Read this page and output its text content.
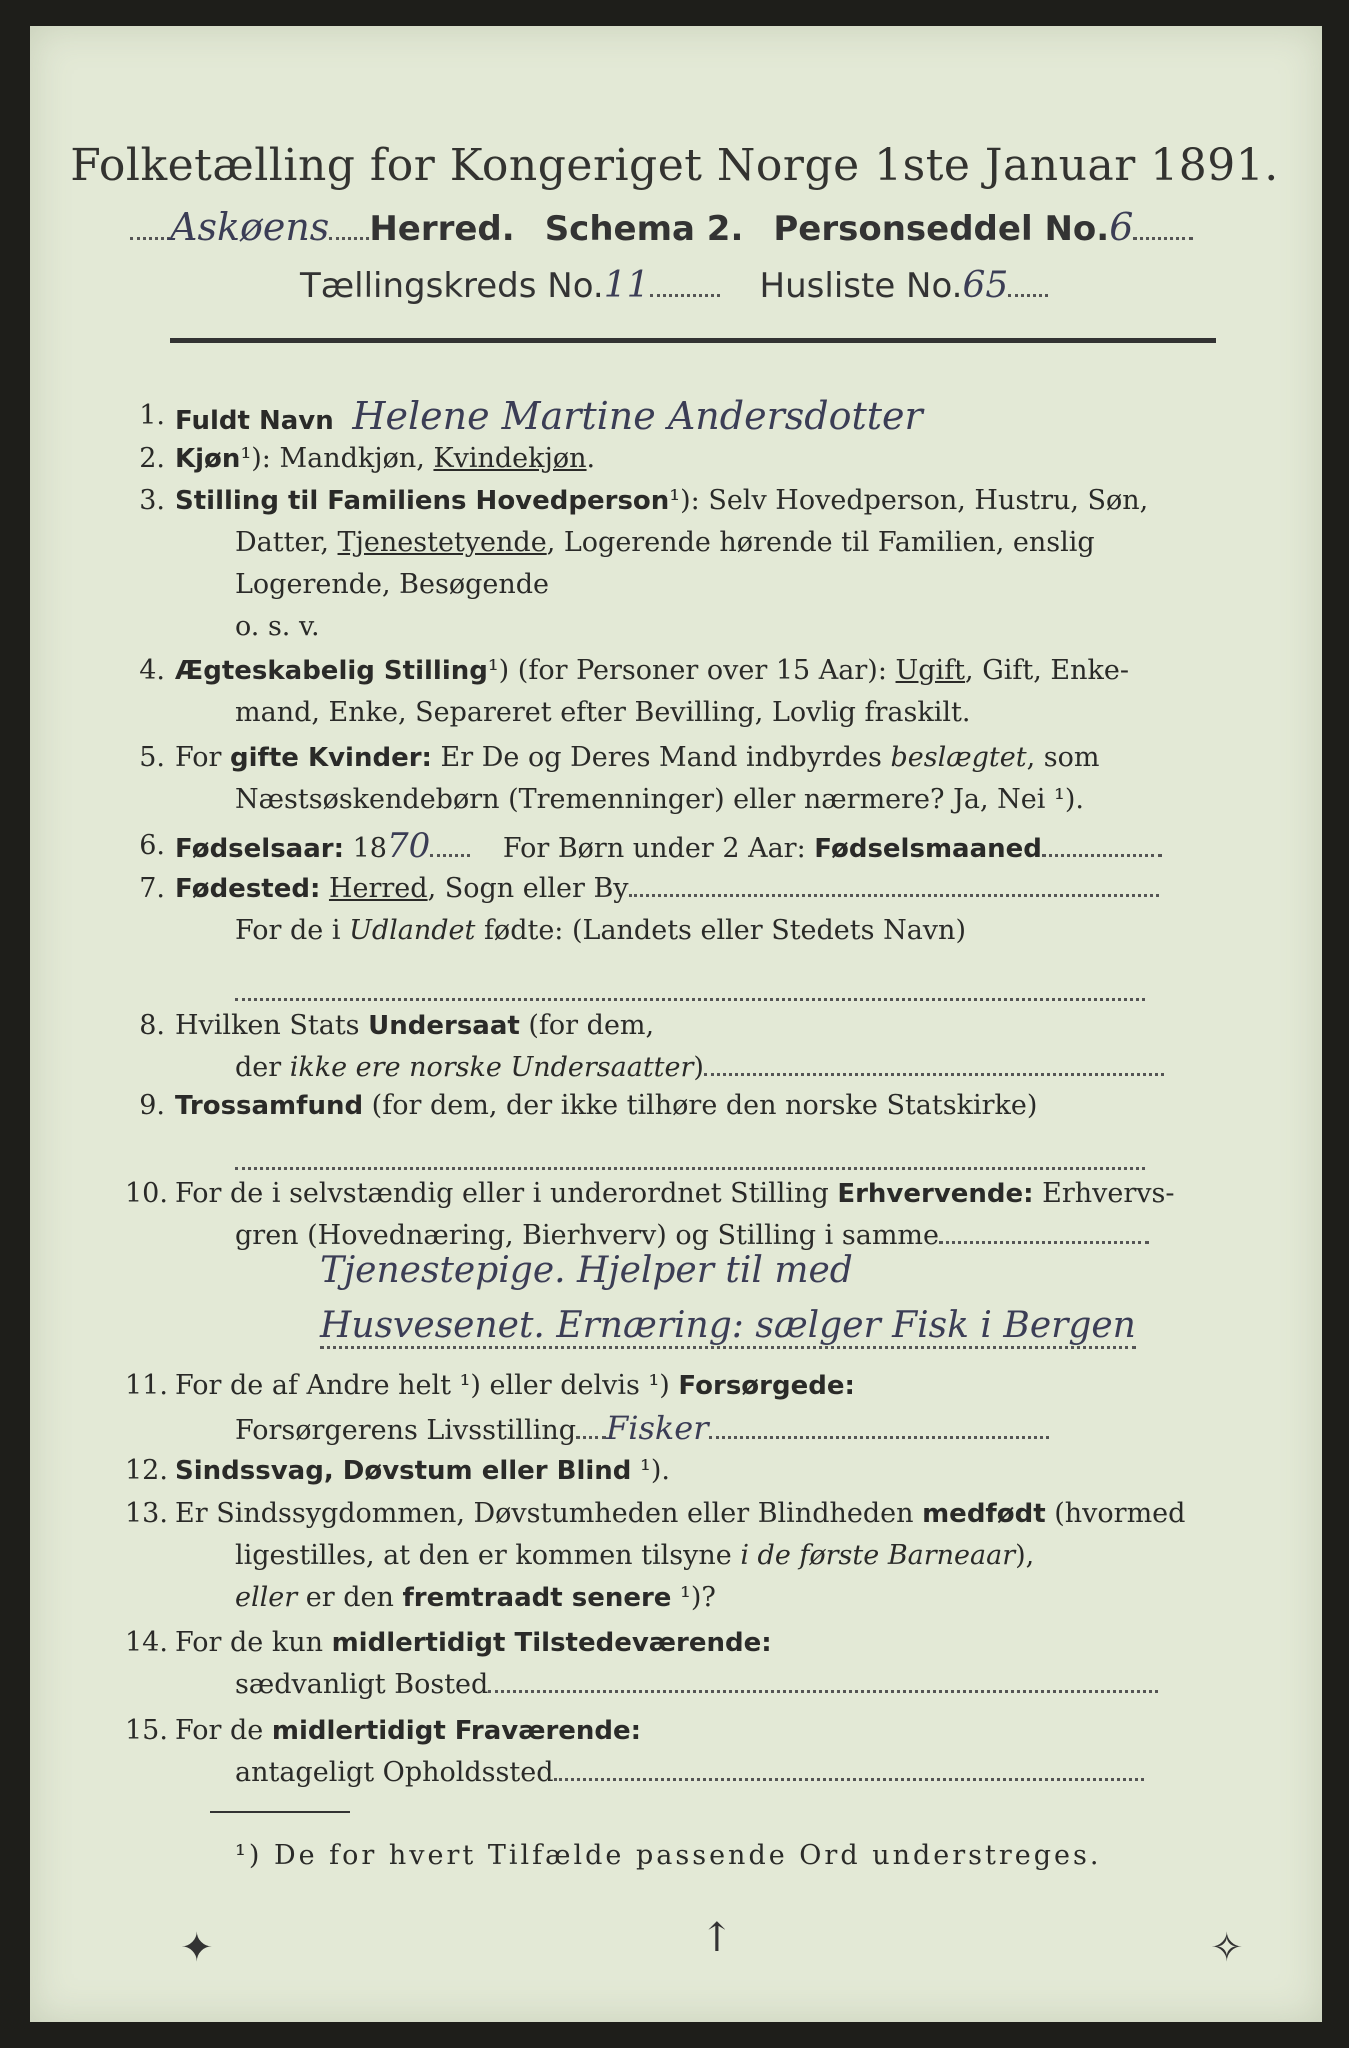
Folketælling for Kongeriget Norge 1ste Januar 1891.
Askøens Herred. Schema 2. Personseddel No. 6
Tællingskreds No. 11	Husliste No. 65
1. Fuldt Navn Helene Martine Andersdotter
2. Kjøn¹): Mandkjøn, Kvindekjøn.
3. Stilling til Familiens Hovedperson¹): Selv Hovedperson, Hustru, Søn,
Datter, Tjenestetyende, Logerende hørende til Familien, enslig
Logerende, Besøgende
o. s. v.
4. Ægteskabelig Stilling¹) (for Personer over 15 Aar): Ugift, Gift, Enke-
mand, Enke, Separeret efter Bevilling, Lovlig fraskilt.
5. For gifte Kvinder: Er De og Deres Mand indbyrdes beslægtet, som
Næstsøskendebørn (Tremenninger) eller nærmere? Ja, Nei ¹).
6. Fødselsaar: 1870	For Børn under 2 Aar: Fødselsmaaned
7. Fødested: Herred, Sogn eller By
For de i Udlandet fødte: (Landets eller Stedets Navn)
8. Hvilken Stats Undersaat (for dem,
der ikke ere norske Undersaatter)
9. Trossamfund (for dem, der ikke tilhøre den norske Statskirke)
10. For de i selvstændig eller i underordnet Stilling Erhvervende: Erhvervs-
gren (Hovednæring, Bierhverv) og Stilling i samme
Tjenestepige. Hjelper til med
Husvesenet. Ernæring: sælger Fisk i Bergen
11. For de af Andre helt ¹) eller delvis ¹) Forsørgede:
Forsørgerens Livsstilling Fisker
12. Sindssvag, Døvstum eller Blind ¹).
13. Er Sindssygdommen, Døvstumheden eller Blindheden medfødt (hvormed
ligestilles, at den er kommen tilsyne i de første Barneaar),
eller er den fremtraadt senere ¹)?
14. For de kun midlertidigt Tilstedeværende:
sædvanligt Bosted
15. For de midlertidigt Fraværende:
antageligt Opholdssted
¹) De for hvert Tilfælde passende Ord understreges.
✦	↑	✧
